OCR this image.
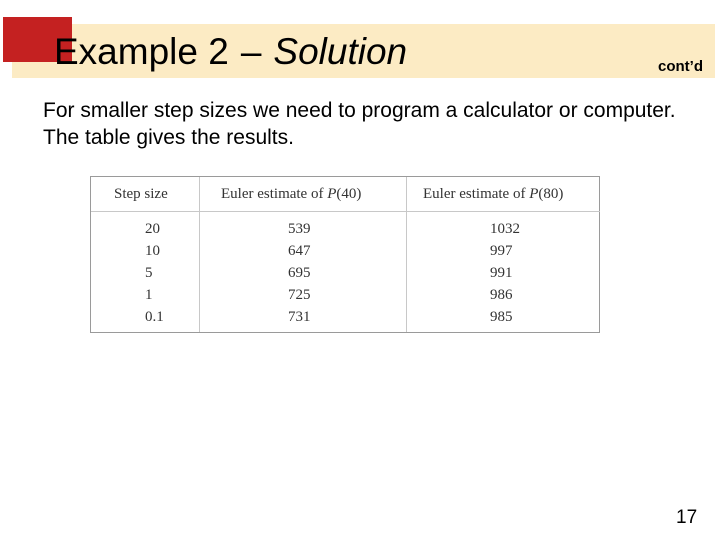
Example 2 – Solution	cont’d
For smaller step sizes we need to program a calculator or computer. The table gives the results.
Step size
20
10
5
1
0.1
Euler estimate of P(40)
539
647
695
725
731
Euler estimate of P(80)
1032
997
991
986
985
17
